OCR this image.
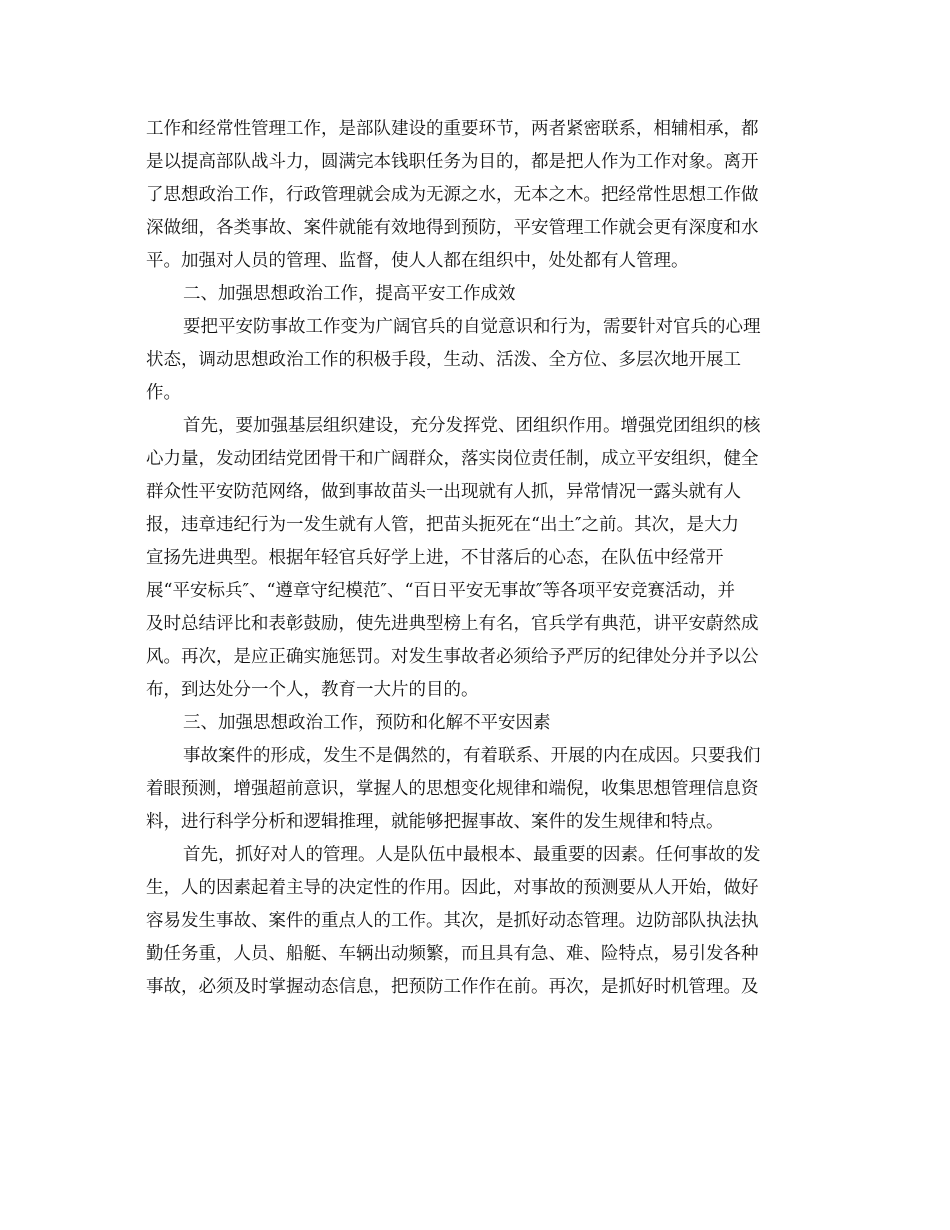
工作和经常性管理工作，是部队建设的重要环节，两者紧密联系，相辅相承，都
是以提高部队战斗力，圆满完本钱职任务为目的，都是把人作为工作对象。离开
了思想政治工作，行政管理就会成为无源之水，无本之木。把经常性思想工作做
深做细，各类事故、案件就能有效地得到预防，平安管理工作就会更有深度和水
平。加强对人员的管理、监督，使人人都在组织中，处处都有人管理。
二、加强思想政治工作，提高平安工作成效
要把平安防事故工作变为广阔官兵的自觉意识和行为，需要针对官兵的心理
状态，调动思想政治工作的积极手段，生动、活泼、全方位、多层次地开展工
作。
首先，要加强基层组织建设，充分发挥党、团组织作用。增强党团组织的核
心力量，发动团结党团骨干和广阔群众，落实岗位责任制，成立平安组织，健全
群众性平安防范网络，做到事故苗头一出现就有人抓，异常情况一露头就有人
报，违章违纪行为一发生就有人管，把苗头扼死在“出土″之前。其次，是大力
宣扬先进典型。根据年轻官兵好学上进，不甘落后的心态，在队伍中经常开
展“平安标兵″、“遵章守纪模范″、“百日平安无事故″等各项平安竞赛活动，并
及时总结评比和表彰鼓励，使先进典型榜上有名，官兵学有典范，讲平安蔚然成
风。再次，是应正确实施惩罚。对发生事故者必须给予严厉的纪律处分并予以公
布，到达处分一个人，教育一大片的目的。
三、加强思想政治工作，预防和化解不平安因素
事故案件的形成，发生不是偶然的，有着联系、开展的内在成因。只要我们
着眼预测，增强超前意识，掌握人的思想变化规律和端倪，收集思想管理信息资
料，进行科学分析和逻辑推理，就能够把握事故、案件的发生规律和特点。
首先，抓好对人的管理。人是队伍中最根本、最重要的因素。任何事故的发
生，人的因素起着主导的决定性的作用。因此，对事故的预测要从人开始，做好
容易发生事故、案件的重点人的工作。其次，是抓好动态管理。边防部队执法执
勤任务重，人员、船艇、车辆出动频繁，而且具有急、难、险特点，易引发各种
事故，必须及时掌握动态信息，把预防工作作在前。再次，是抓好时机管理。及
